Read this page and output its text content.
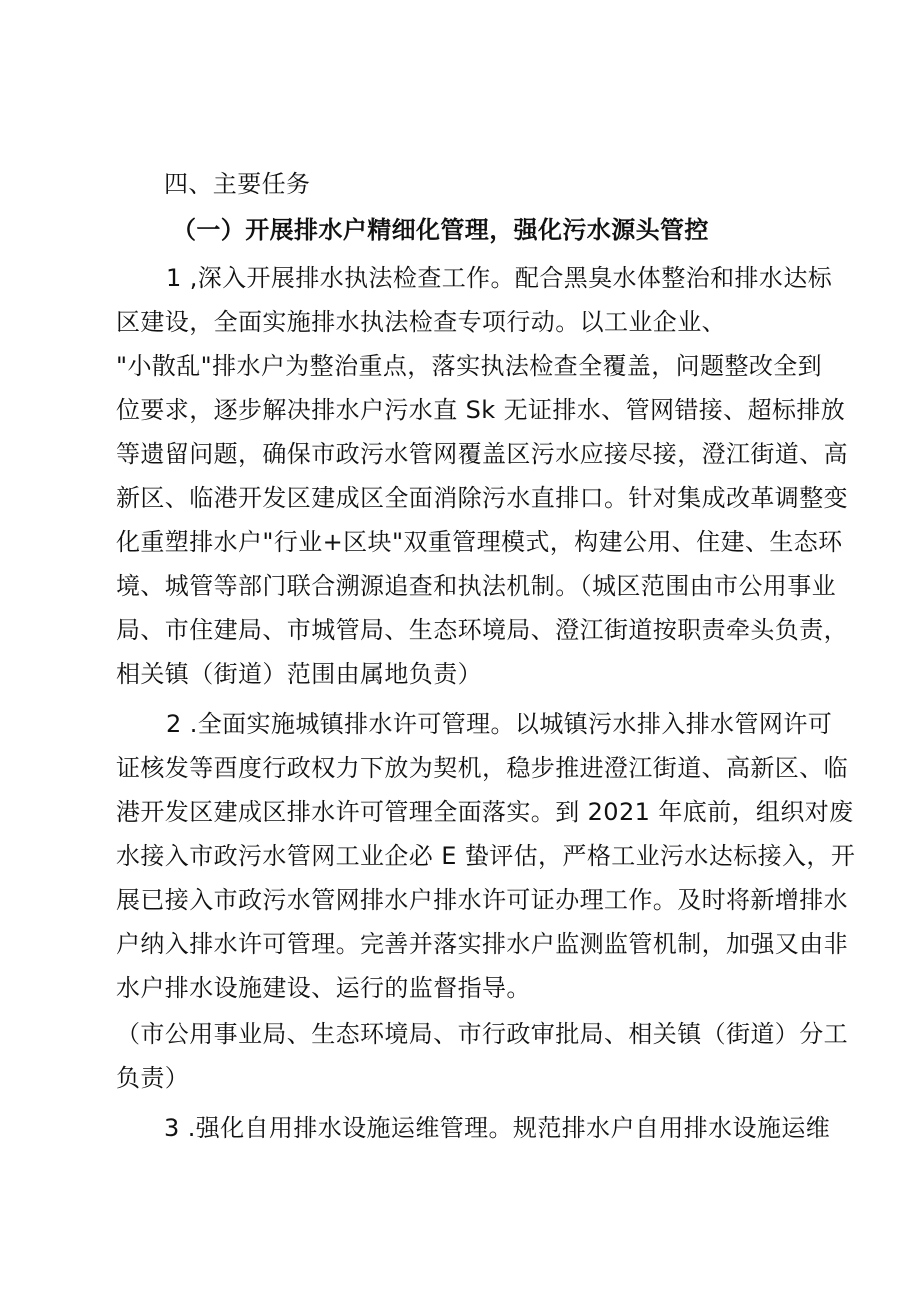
四、主要任务
（一）开展排水户精细化管理，强化污水源头管控
1 ,深入开展排水执法检查工作。配合黑臭水体整治和排水达标
区建设，全面实施排水执法检查专项行动。以工业企业、
"小散乱"排水户为整治重点，落实执法检查全覆盖，问题整改全到
位要求，逐步解决排水户污水直 Sk 无证排水、管网错接、超标排放
等遗留问题，确保市政污水管网覆盖区污水应接尽接，澄江街道、高
新区、临港开发区建成区全面消除污水直排口。针对集成改革调整变
化重塑排水户"行业+区块"双重管理模式，构建公用、住建、生态环
境、城管等部门联合溯源追查和执法机制。（城区范围由市公用事业
局、市住建局、市城管局、生态环境局、澄江街道按职责牵头负责，
相关镇（街道）范围由属地负责）
2 .全面实施城镇排水许可管理。以城镇污水排入排水管网许可
证核发等酉度行政权力下放为契机，稳步推进澄江街道、高新区、临
港开发区建成区排水许可管理全面落实。到 2021 年底前，组织对废
水接入市政污水管网工业企必 E 蛰评估，严格工业污水达标接入，开
展已接入市政污水管网排水户排水许可证办理工作。及时将新增排水
户纳入排水许可管理。完善并落实排水户监测监管机制，加强又由非
水户排水设施建设、运行的监督指导。
（市公用事业局、生态环境局、市行政审批局、相关镇（街道）分工
负责）
3 .强化自用排水设施运维管理。规范排水户自用排水设施运维
